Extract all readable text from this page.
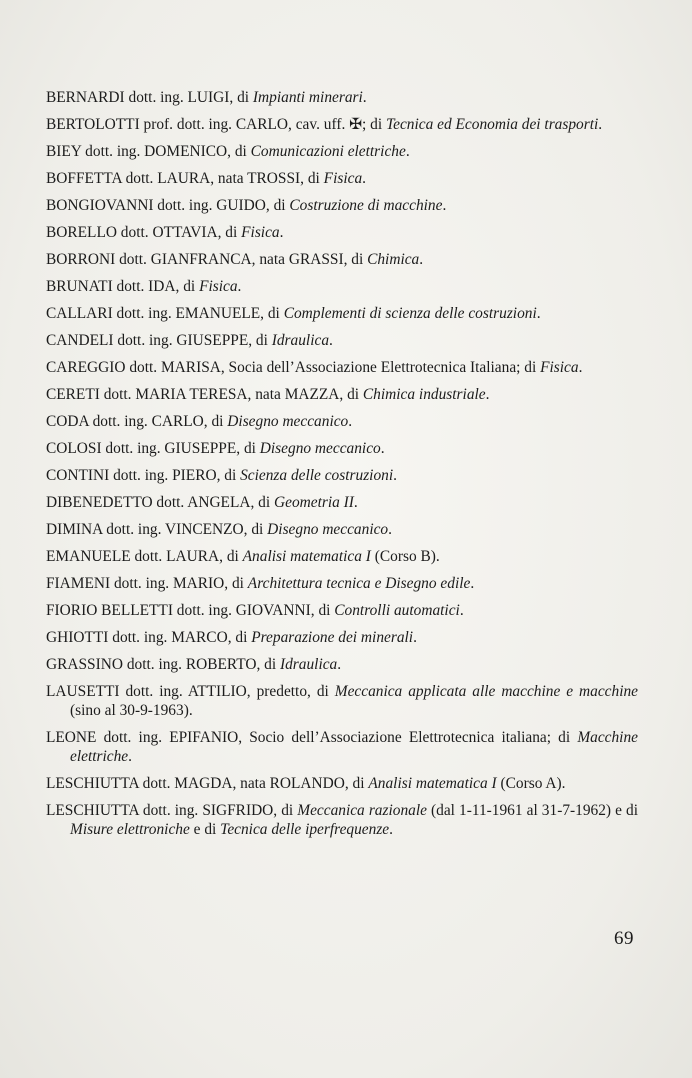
BERNARDI dott. ing. LUIGI, di Impianti minerari.

BERTOLOTTI prof. dott. ing. CARLO, cav. uff. ✠; di Tecnica ed Economia dei trasporti.

BIEY dott. ing. DOMENICO, di Comunicazioni elettriche.

BOFFETTA dott. LAURA, nata TROSSI, di Fisica.

BONGIOVANNI dott. ing. GUIDO, di Costruzione di macchine.

BORELLO dott. OTTAVIA, di Fisica.

BORRONI dott. GIANFRANCA, nata GRASSI, di Chimica.

BRUNATI dott. IDA, di Fisica.

CALLARI dott. ing. EMANUELE, di Complementi di scienza delle costruzioni.

CANDELI dott. ing. GIUSEPPE, di Idraulica.

CAREGGIO dott. MARISA, Socia dell’Associazione Elettrotecnica Italiana; di Fisica.

CERETI dott. MARIA TERESA, nata MAZZA, di Chimica industriale.

CODA dott. ing. CARLO, di Disegno meccanico.

COLOSI dott. ing. GIUSEPPE, di Disegno meccanico.

CONTINI dott. ing. PIERO, di Scienza delle costruzioni.

DIBENEDETTO dott. ANGELA, di Geometria II.

DIMINA dott. ing. VINCENZO, di Disegno meccanico.

EMANUELE dott. LAURA, di Analisi matematica I (Corso B).

FIAMENI dott. ing. MARIO, di Architettura tecnica e Disegno edile.

FIORIO BELLETTI dott. ing. GIOVANNI, di Controlli automatici.

GHIOTTI dott. ing. MARCO, di Preparazione dei minerali.

GRASSINO dott. ing. ROBERTO, di Idraulica.

LAUSETTI dott. ing. ATTILIO, predetto, di Meccanica applicata alle macchine e macchine (sino al 30-9-1963).

LEONE dott. ing. EPIFANIO, Socio dell’Associazione Elettrotecnica italiana; di Macchine elettriche.

LESCHIUTTA dott. MAGDA, nata ROLANDO, di Analisi matematica I (Corso A).

LESCHIUTTA dott. ing. SIGFRIDO, di Meccanica razionale (dal 1-11-1961 al 31-7-1962) e di Misure elettroniche e di Tecnica delle iperfrequenze.

69
